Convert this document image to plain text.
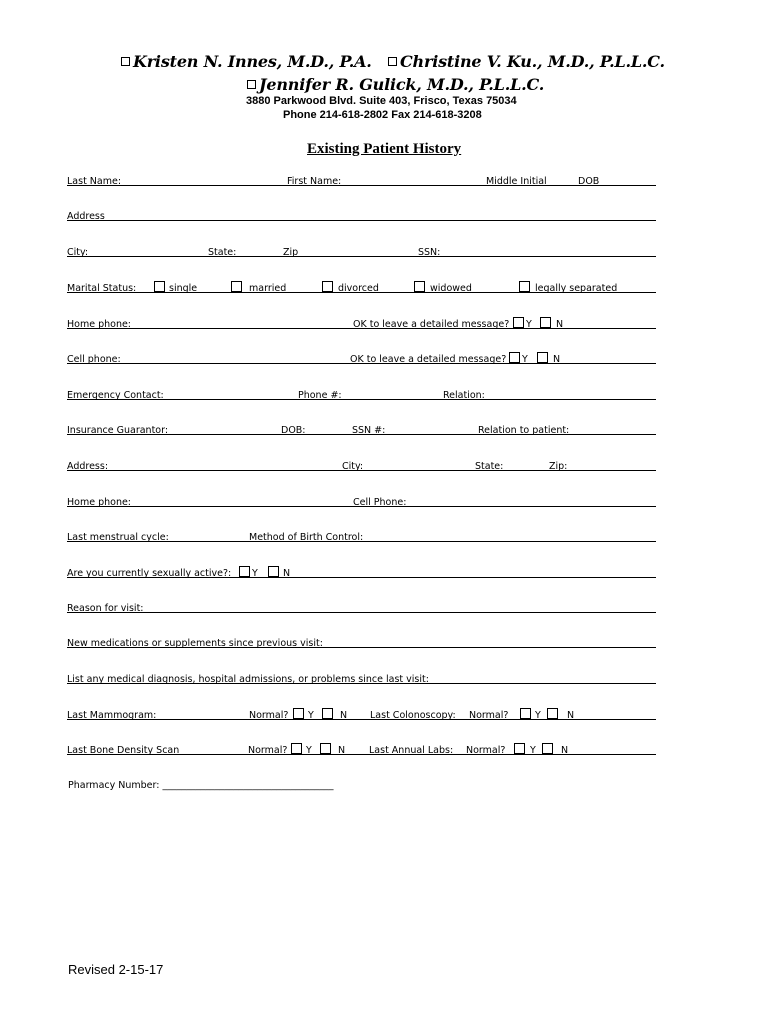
Kristen N. Innes, M.D., P.A.	Christine V. Ku., M.D., P.L.L.C.
Jennifer R. Gulick, M.D., P.L.L.C.
3880 Parkwood Blvd. Suite 403, Frisco, Texas 75034
Phone 214-618-2802 Fax 214-618-3208
Existing Patient History
Last Name:	First Name:	Middle Initial	DOB
Address
City:	State:	Zip	SSN:
Marital Status:	single	married	divorced	widowed	legally separated
Home phone:	OK to leave a detailed message? Y	N
Cell phone:	OK to leave a detailed message? Y	N
Emergency Contact:	Phone #:	Relation:
Insurance Guarantor:	DOB:	SSN #:	Relation to patient:
Address:	City:	State:	Zip:
Home phone:	Cell Phone:
Last menstrual cycle:	Method of Birth Control:
Are you currently sexually active?: Y	N
Reason for visit:
New medications or supplements since previous visit:
List any medical diagnosis, hospital admissions, or problems since last visit:
Last Mammogram:	Normal? Y	N Last Colonoscopy: Normal?	Y	N
Last Bone Density Scan	Normal? Y	N	Last Annual Labs: Normal?	Y	N
Pharmacy Number: ____________________________________
Revised 2-15-17
